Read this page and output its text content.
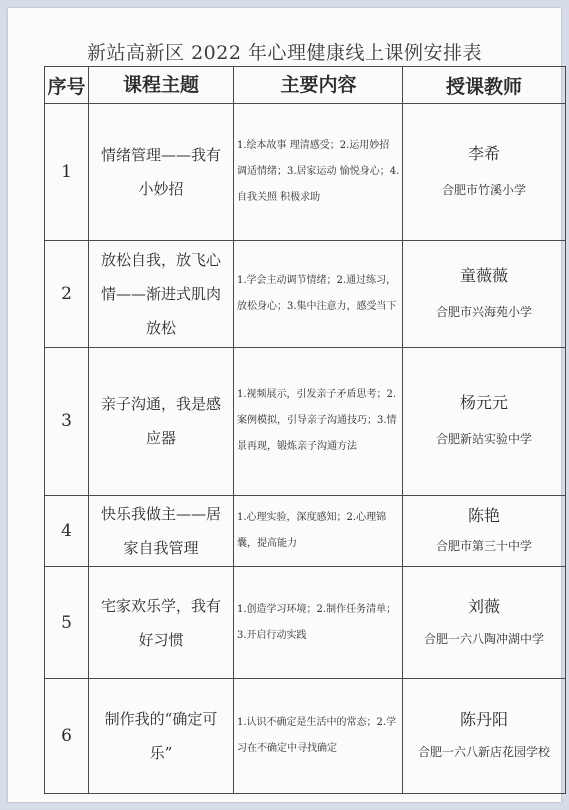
新站高新区 2022 年心理健康线上课例安排表
序号	课程主题	主要内容	授课教师
1	情绪管理——我有小妙招	1.绘本故事 理清感受；2.运用妙招 调适情绪；3.居家运动 愉悦身心；4.自我关照 积极求助	李希
合肥市竹溪小学

2	放松自我，放飞心情——渐进式肌肉放松	1.学会主动调节情绪；2.通过练习，放松身心；3.集中注意力，感受当下	童薇薇
合肥市兴海苑小学

3	亲子沟通，我是感应器	1.视频展示，引发亲子矛盾思考；2.案例模拟，引导亲子沟通技巧；3.情景再现，锻炼亲子沟通方法	杨元元
合肥新站实验中学

4	快乐我做主——居家自我管理	1.心理实验，深度感知；2.心理锦囊，提高能力	陈艳
合肥市第三十中学

5	宅家欢乐学，我有好习惯	1.创造学习环境；2.制作任务清单；3.开启行动实践	刘薇
合肥一六八陶冲湖中学

6	制作我的“确定可乐”	1.认识不确定是生活中的常态；2.学习在不确定中寻找确定	陈丹阳
合肥一六八新店花园学校
